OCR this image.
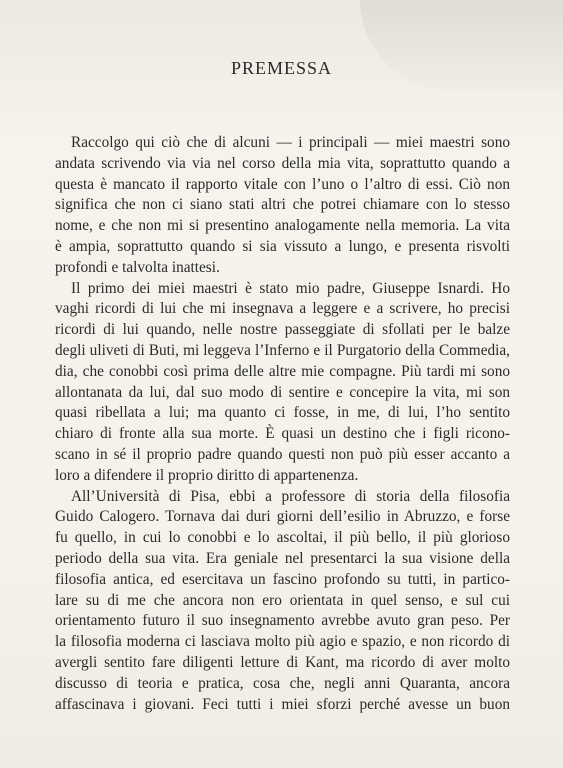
PREMESSA
Raccolgo qui ciò che di alcuni — i principali — miei maestri sono
andata scrivendo via via nel corso della mia vita, soprattutto quando a
questa è mancato il rapporto vitale con l’uno o l’altro di essi. Ciò non
significa che non ci siano stati altri che potrei chiamare con lo stesso
nome, e che non mi si presentino analogamente nella memoria. La vita
è ampia, soprattutto quando si sia vissuto a lungo, e presenta risvolti
profondi e talvolta inattesi.
Il primo dei miei maestri è stato mio padre, Giuseppe Isnardi. Ho
vaghi ricordi di lui che mi insegnava a leggere e a scrivere, ho precisi
ricordi di lui quando, nelle nostre passeggiate di sfollati per le balze
degli uliveti di Buti, mi leggeva l’Inferno e il Purgatorio della Commedia,
dia, che conobbi così prima delle altre mie compagne. Più tardi mi sono
allontanata da lui, dal suo modo di sentire e concepire la vita, mi son
quasi ribellata a lui; ma quanto ci fosse, in me, di lui, l’ho sentito
chiaro di fronte alla sua morte. È quasi un destino che i figli ricono-
scano in sé il proprio padre quando questi non può più esser accanto a
loro a difendere il proprio diritto di appartenenza.
All’Università di Pisa, ebbi a professore di storia della filosofia
Guido Calogero. Tornava dai duri giorni dell’esilio in Abruzzo, e forse
fu quello, in cui lo conobbi e lo ascoltai, il più bello, il più glorioso
periodo della sua vita. Era geniale nel presentarci la sua visione della
filosofia antica, ed esercitava un fascino profondo su tutti, in partico-
lare su di me che ancora non ero orientata in quel senso, e sul cui
orientamento futuro il suo insegnamento avrebbe avuto gran peso. Per
la filosofia moderna ci lasciava molto più agio e spazio, e non ricordo di
avergli sentito fare diligenti letture di Kant, ma ricordo di aver molto
discusso di teoria e pratica, cosa che, negli anni Quaranta, ancora
affascinava i giovani. Feci tutti i miei sforzi perché avesse un buon
